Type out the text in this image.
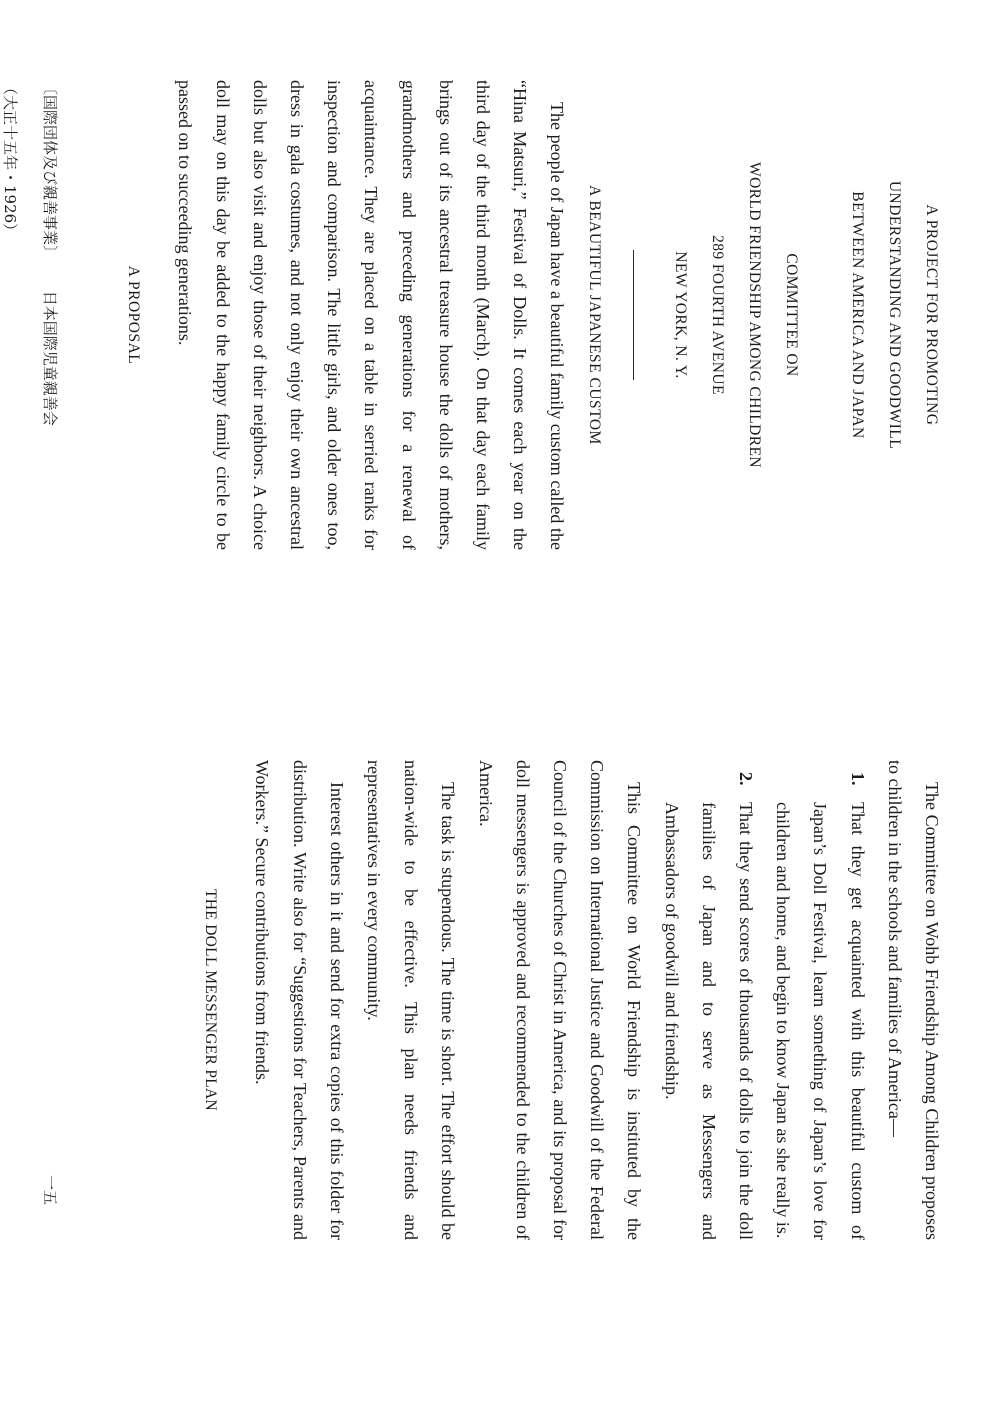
A PROJECT FOR PROMOTING
UNDERSTANDING AND GOODWILL
BETWEEN AMERICA AND JAPAN
COMMITTEE ON
WORLD FRIENDSHIP AMONG CHILDREN
289 FOURTH AVENUE
NEW YORK, N. Y.
A BEAUTIFUL JAPANESE CUSTOM

The people of Japan have a beautiful family custom called the “Hina Matsuri,” Festival of Dolls. It comes each year on the third day of the third month (March). On that day each family brings out of its ancestral treasure house the dolls of mothers, grandmothers and preceding generations for a renewal of acquaintance. They are placed on a table in serried ranks for inspection and comparison. The little girls, and older ones too, dress in gala costumes, and not only enjoy their own ancestral dolls but also visit and enjoy those of their neighbors. A choice doll may on this day be added to the happy family circle to be passed on to succeeding generations.

A PROPOSAL

The Committee on Wohb Friendship Among Children proposes to children in the schools and families of America—

1.
That they get acquainted with this beautiful custom of Japan’s Doll Festival, learn something of Japan’s love for children and home, and begin to know Japan as she really is.
2.
That they send scores of thousands of dolls to join the doll families of Japan and to serve as Messengers and Ambassadors of goodwill and friendship.

This Committee on World Friendship is instituted by the Commission on International Justice and Goodwill of the Federal Council of the Churches of Christ in America, and its proposal for doll messengers is approved and recommended to the children of America.

The task is stupendous. The time is short. The effort should be nation-wide to be effective. This plan needs friends and representatives in every community.

Interest others in it and send for extra copies of this folder for distribution. Write also for “Suggestions for Teachers, Parents and Workers.” Secure contributions from friends.

THE DOLL MESSENGER PLAN
〔国際団体及び親善事業〕 日本国際児童親善会 （大正十五年・1926）
一五
